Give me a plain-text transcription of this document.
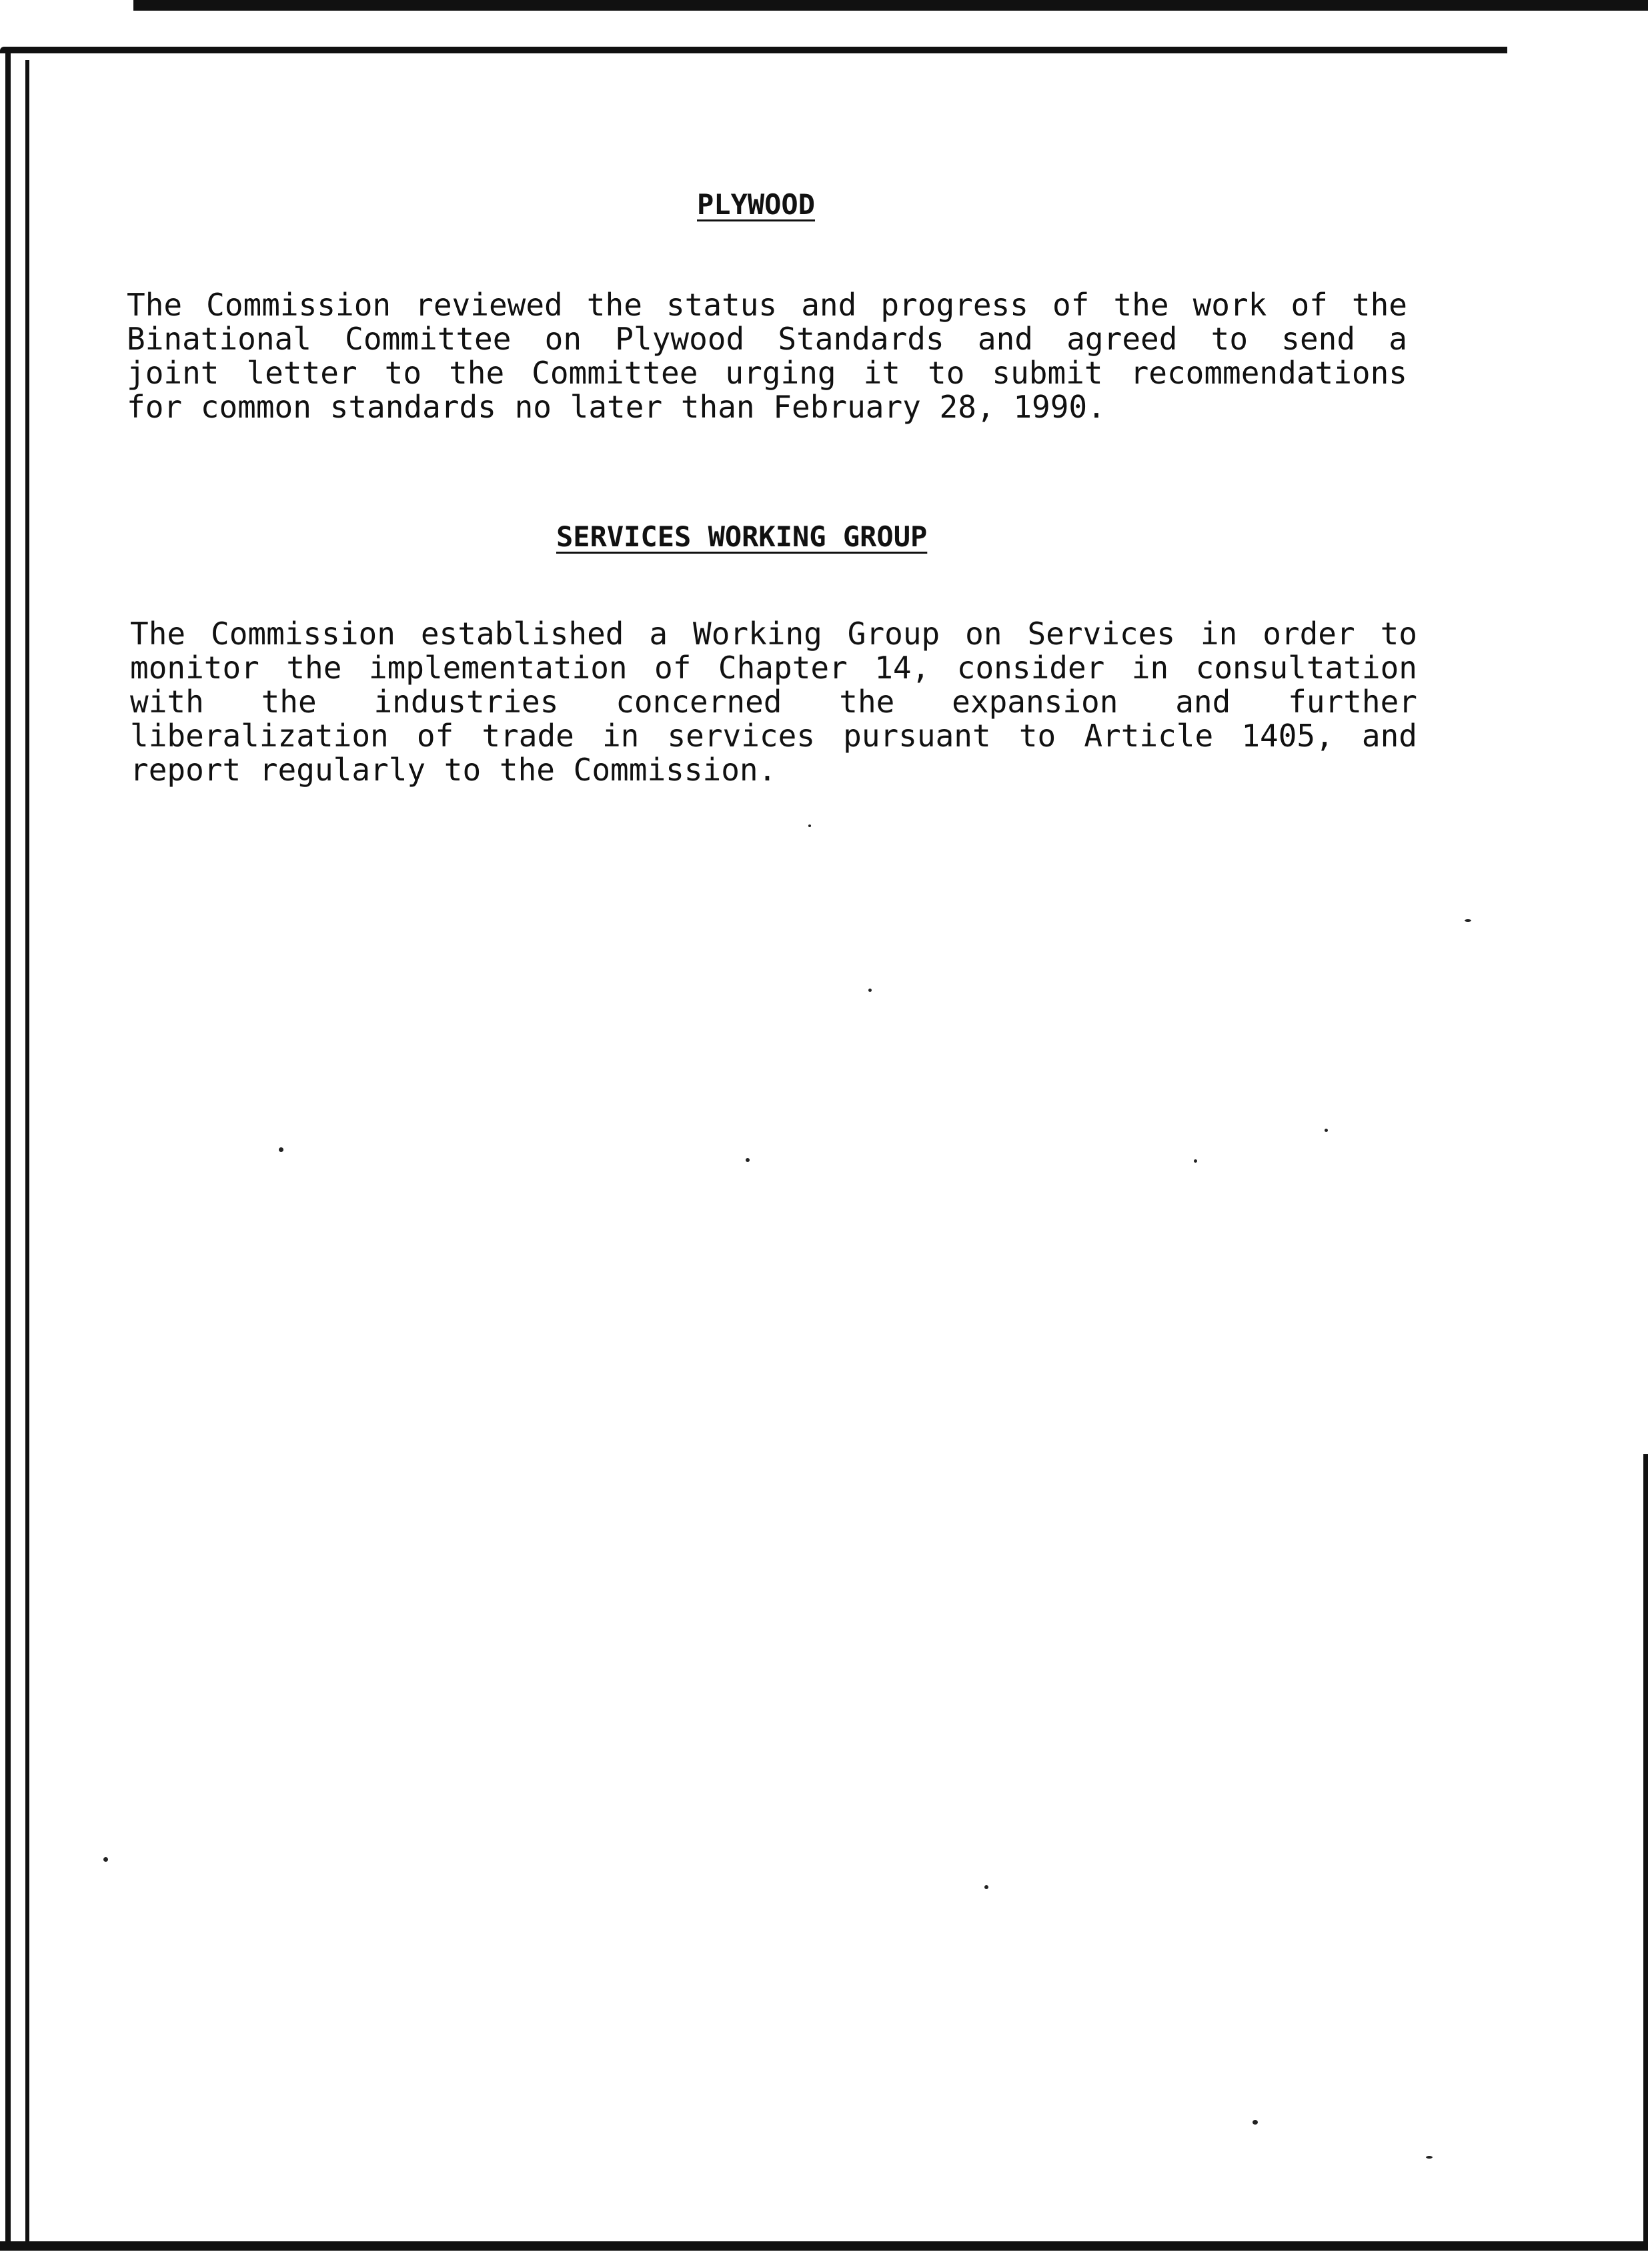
PLYWOOD
The Commission reviewed the status and progress of the work of the
Binational Committee on Plywood Standards and agreed to send a
joint letter to the Committee urging it to submit recommendations
for common standards no later than February 28, 1990.
SERVICES WORKING GROUP
The Commission established a Working Group on Services in order to
monitor the implementation of Chapter 14, consider in consultation
with the industries concerned the expansion and further
liberalization of trade in services pursuant to Article 1405, and
report regularly to the Commission.
